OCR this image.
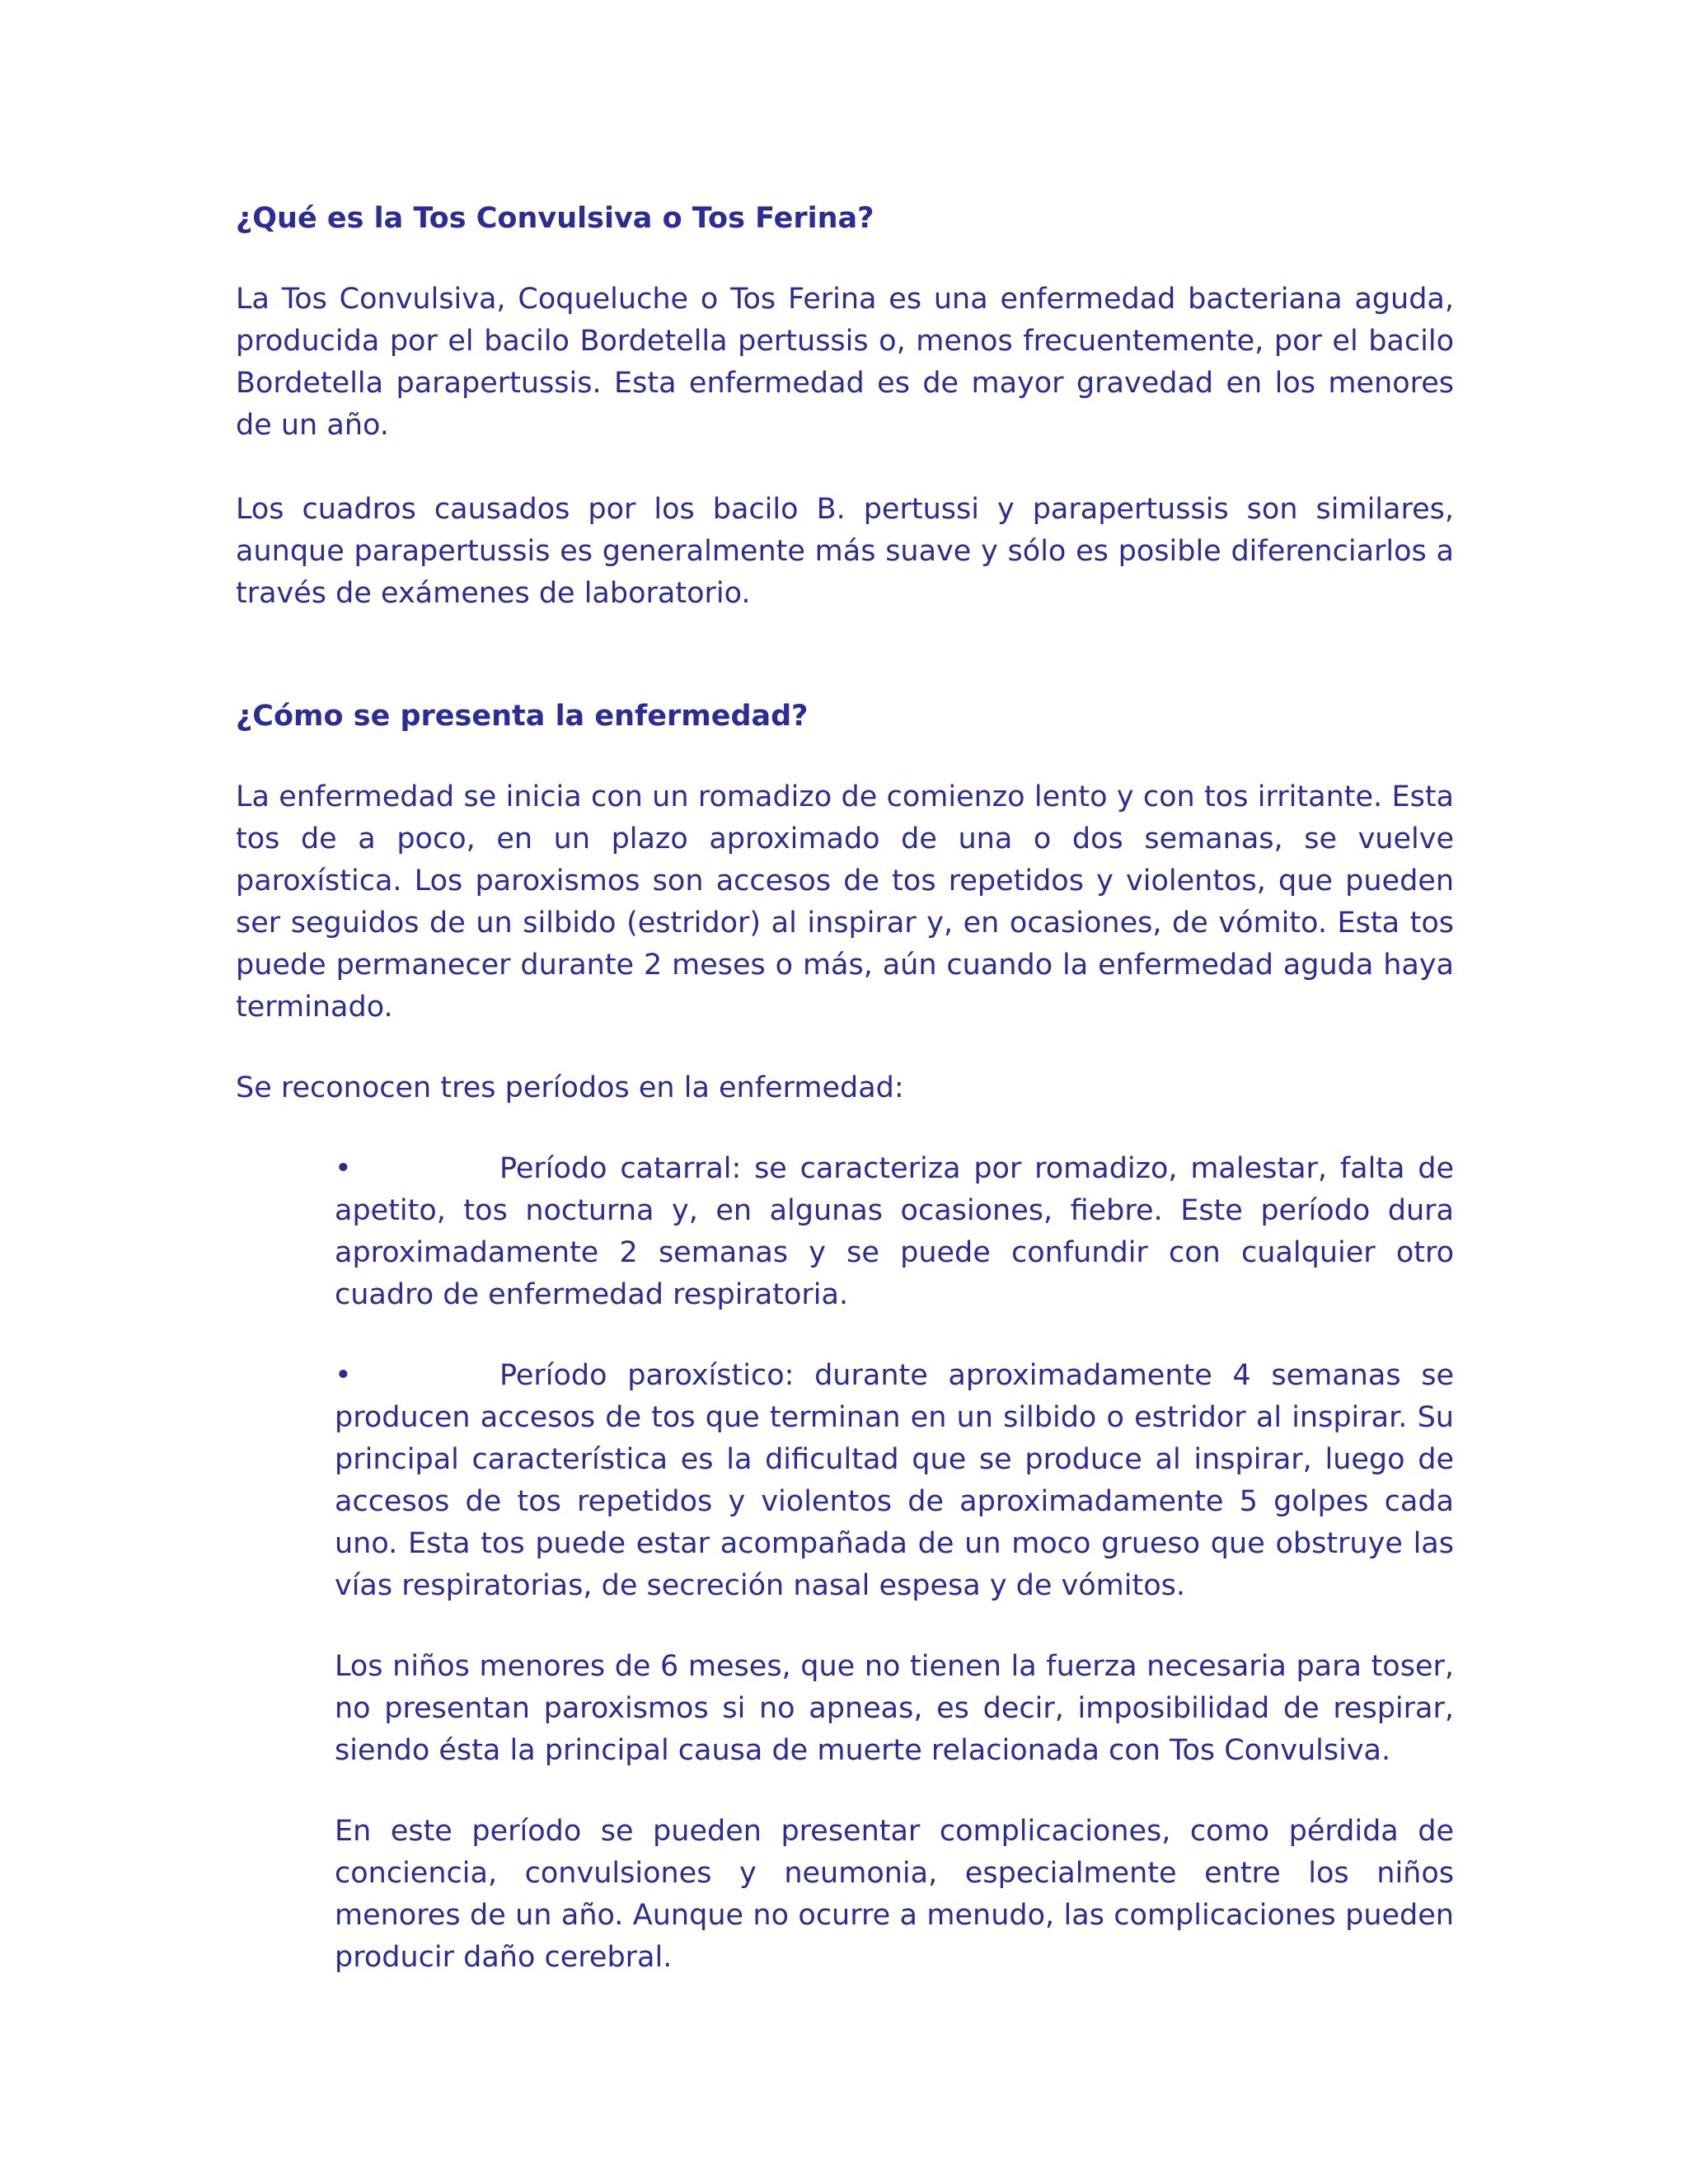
¿Qué es la Tos Convulsiva o Tos Ferina?

La Tos Convulsiva, Coqueluche o Tos Ferina es una enfermedad bacteriana aguda, producida por el bacilo Bordetella pertussis o, menos frecuentemente, por el bacilo Bordetella parapertussis. Esta enfermedad es de mayor gravedad en los menores de un año.

Los cuadros causados por los bacilo B. pertussi y parapertussis son similares, aunque parapertussis es generalmente más suave y sólo es posible diferenciarlos a través de exámenes de laboratorio.

¿Cómo se presenta la enfermedad?

La enfermedad se inicia con un romadizo de comienzo lento y con tos irritante. Esta tos de a poco, en un plazo aproximado de una o dos semanas, se vuelve paroxística. Los paroxismos son accesos de tos repetidos y violentos, que pueden ser seguidos de un silbido (estridor) al inspirar y, en ocasiones, de vómito. Esta tos puede permanecer durante 2 meses o más, aún cuando la enfermedad aguda haya terminado.

Se reconocen tres períodos en la enfermedad:

•	Período catarral: se caracteriza por romadizo, malestar, falta de apetito, tos nocturna y, en algunas ocasiones, fiebre. Este período dura aproximadamente 2 semanas y se puede confundir con cualquier otro cuadro de enfermedad respiratoria.
•	Período paroxístico: durante aproximadamente 4 semanas se producen accesos de tos que terminan en un silbido o estridor al inspirar. Su principal característica es la dificultad que se produce al inspirar, luego de accesos de tos repetidos y violentos de aproximadamente 5 golpes cada uno. Esta tos puede estar acompañada de un moco grueso que obstruye las vías respiratorias, de secreción nasal espesa y de vómitos.

Los niños menores de 6 meses, que no tienen la fuerza necesaria para toser, no presentan paroxismos si no apneas, es decir, imposibilidad de respirar, siendo ésta la principal causa de muerte relacionada con Tos Convulsiva.

En este período se pueden presentar complicaciones, como pérdida de conciencia, convulsiones y neumonia, especialmente entre los niños menores de un año. Aunque no ocurre a menudo, las complicaciones pueden producir daño cerebral.
